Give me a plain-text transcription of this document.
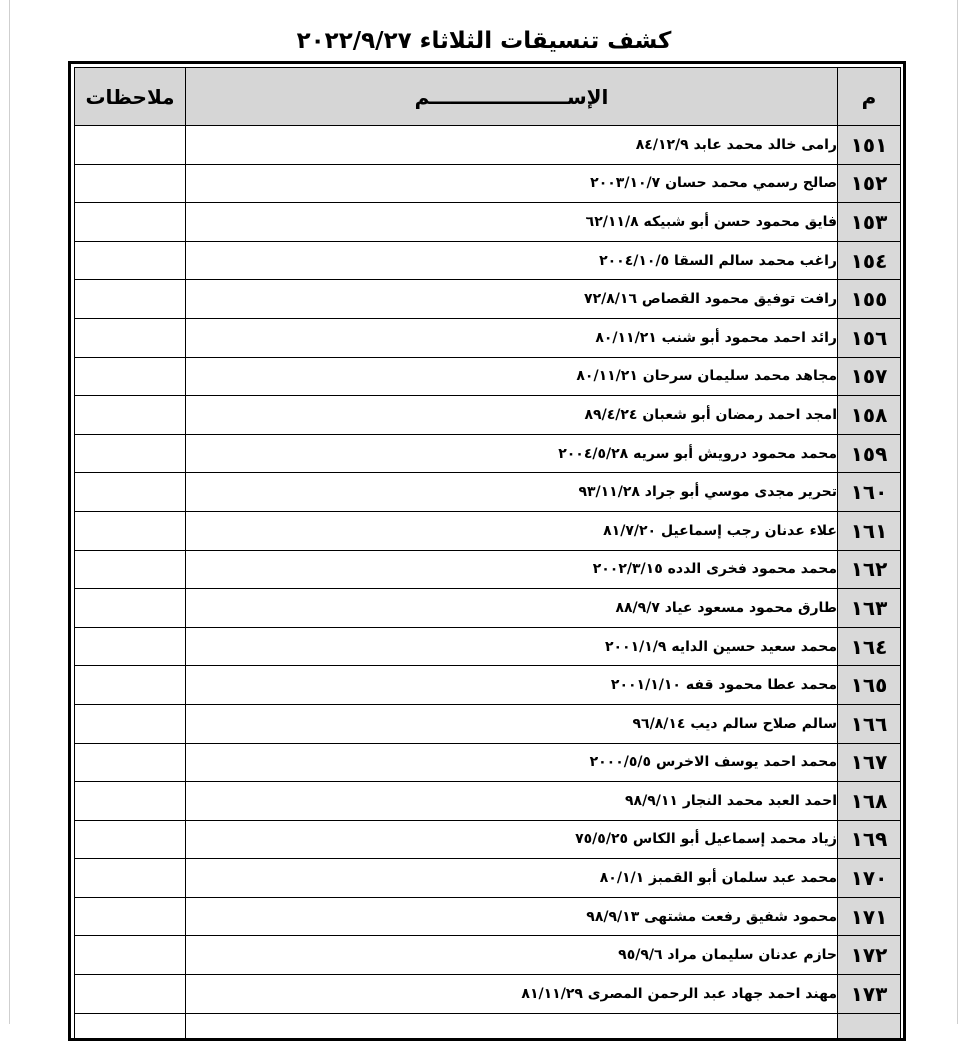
كشف تنسيقات الثلاثاء ٢٠٢٢/٩/٢٧
م	الإســــــــــــــــــــم	ملاحظات
١٥١	رامى خالد محمد عابد ٨٤/١٢/٩	
١٥٢	صالح رسمي محمد حسان ٢٠٠٣/١٠/٧	
١٥٣	فايق محمود حسن أبو شبيكه ٦٢/١١/٨	
١٥٤	راغب محمد سالم السقا ٢٠٠٤/١٠/٥	
١٥٥	رافت توفيق محمود القصاص ٧٢/٨/١٦	
١٥٦	رائد احمد محمود أبو شنب ٨٠/١١/٢١	
١٥٧	مجاهد محمد سليمان سرحان ٨٠/١١/٢١	
١٥٨	امجد احمد رمضان أبو شعبان ٨٩/٤/٢٤	
١٥٩	محمد محمود درويش أبو سريه ٢٠٠٤/٥/٢٨	
١٦٠	تحرير مجدى موسي أبو جراد ٩٣/١١/٢٨	
١٦١	علاء عدنان رجب إسماعيل ٨١/٧/٢٠	
١٦٢	محمد محمود فخرى الدده ٢٠٠٢/٣/١٥	
١٦٣	طارق محمود مسعود عياد ٨٨/٩/٧	
١٦٤	محمد سعيد حسين الدايه ٢٠٠١/١/٩	
١٦٥	محمد عطا محمود قفه ٢٠٠١/١/١٠	
١٦٦	سالم صلاح سالم ديب ٩٦/٨/١٤	
١٦٧	محمد احمد يوسف الاخرس ٢٠٠٠/٥/٥	
١٦٨	احمد العبد محمد النجار ٩٨/٩/١١	
١٦٩	زياد محمد إسماعيل أبو الكاس ٧٥/٥/٢٥	
١٧٠	محمد عبد سلمان أبو القمبز ٨٠/١/١	
١٧١	محمود شفيق رفعت مشتهى ٩٨/٩/١٣	
١٧٢	حازم عدنان سليمان مراد ٩٥/٩/٦	
١٧٣	مهند احمد جهاد عبد الرحمن المصرى ٨١/١١/٢٩	
